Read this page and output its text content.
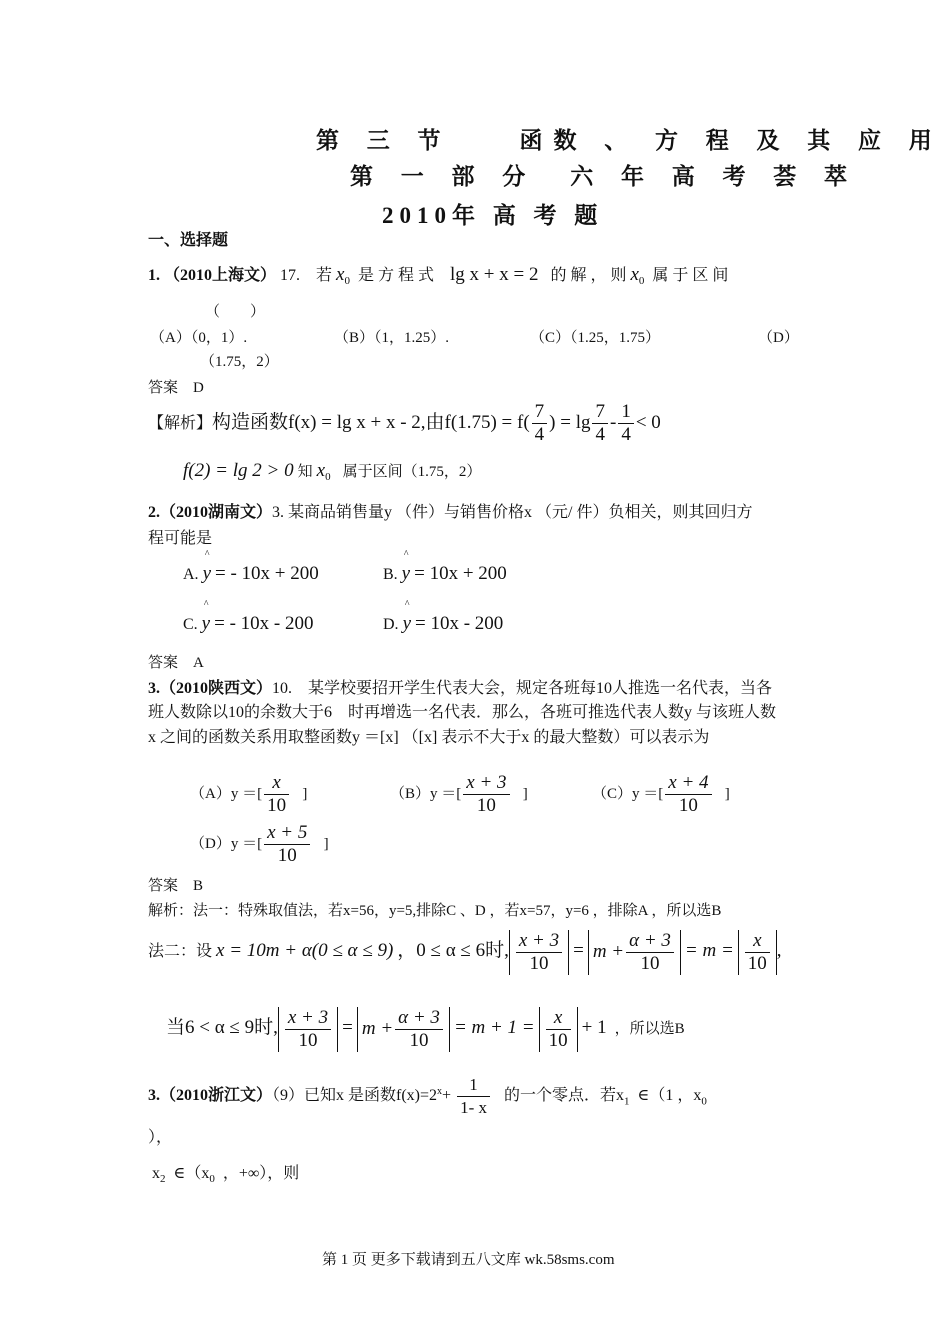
第 三 节　　函数 、 方 程 及 其 应 用
第 一 部 分　六 年 高 考 荟 萃
2010年 高 考 题
一、选择题
1. （2010上海文） 17.　若 $x_0$ 是 方 程 式 lg x + x = 2 的 解 ， 则 $x_0$ 属 于 区 间
（　　）
（A）（0，1）.	（B）（1，1.25）.	（C）（1.25，1.75）	（D）
（1.75，2）
答案　D
【解析】构造函数f(x) = lg x + x - 2,由$f(1.75) = f( \frac{7}{4}$ ) = $\lg \frac{7}{4} - \frac{1}{4} < 0$
f(2) = lg 2 > 0 知 $x_0$ 属于区间（1.75，2）
2.（2010湖南文）3. 某商品销售量y （件）与销售价格x （元/ 件）负相关，则其回归方
程可能是
A.
^
y = - 10x + 200	B.
^
y = 10x + 200
C.
^
y = - 10x - 200	D.
^
y = 10x - 200
答案　A
3.（2010陕西文）10.　某学校要招开学生代表大会，规定各班每10人推选一名代表，当各
班人数除以10的余数大于6　时再增选一名代表．那么，各班可推选代表人数y 与该班人数
x 之间的函数关系用取整函数y ＝[x] （[x] 表示不大于x 的最大整数）可以表示为
（A）y ＝[ $\frac{x}{10}$ ]	（B）y ＝[ $\frac{x + 3}{10}$ ]	（C）y ＝[ $\frac{x + 4}{10}$ ]
（D）y ＝[ $\frac{x + 5}{10}$ ]
答案　B
解析：法一：特殊取值法，若x=56，y=5,排除C 、D ，若x=57，y=6 ，排除A ，所以选B
法二：设 x = 10m + α(0 ≤ α ≤ 9) ，0 ≤ α ≤ 6时, $\frac{x + 3}{10} = m + \frac{\alpha + 3}{10} = m = \frac{x}{10}$ ,
当6 < α ≤ 9时, $\frac{x + 3}{10} = m + \frac{\alpha + 3}{10} = m + 1 = \frac{x}{10} + 1$ ，所以选B
3.（2010浙江文）（9）已知x 是函数$f(x)=2^x+ \frac{1}{1- x}$ 的一个零点．若$x_1$ ∈（1 ，$x_0$
），
$x_2$ $\in(x_0$ ，+∞），则
第 1 页 更多下载请到五八文库 wk.58sms.com
